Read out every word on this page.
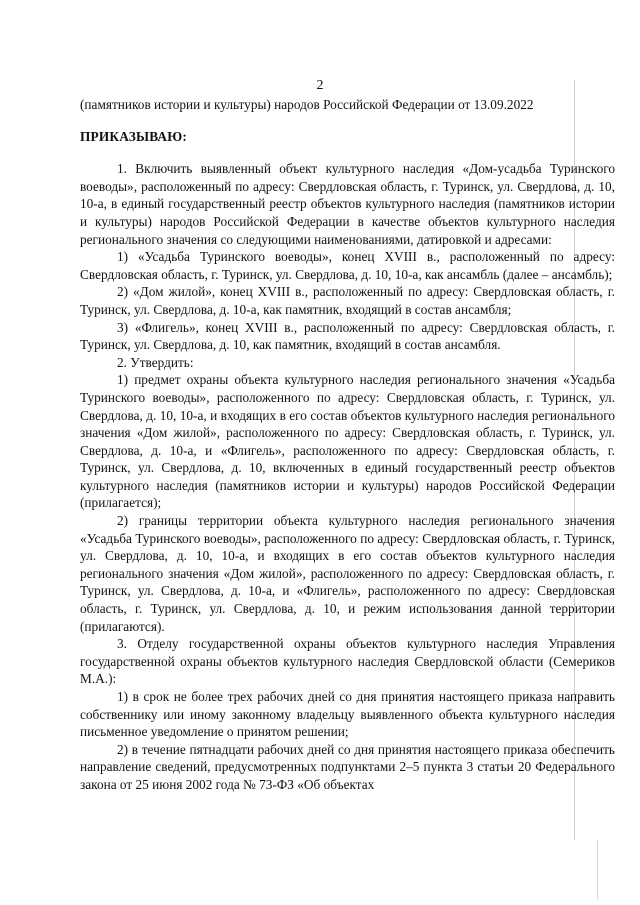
2

(памятников истории и культуры) народов Российской Федерации от 13.09.2022

ПРИКАЗЫВАЮ:

1. Включить выявленный объект культурного наследия «Дом-усадьба Туринского воеводы», расположенный по адресу: Свердловская область, г. Туринск, ул. Свердлова, д. 10, 10-а, в единый государственный реестр объектов культурного наследия (памятников истории и культуры) народов Российской Федерации в качестве объектов культурного наследия регионального значения со следующими наименованиями, датировкой и адресами:

1) «Усадьба Туринского воеводы», конец XVIII в., расположенный по адресу: Свердловская область, г. Туринск, ул. Свердлова, д. 10, 10-а, как ансамбль (далее – ансамбль);

2) «Дом жилой», конец XVIII в., расположенный по адресу: Свердловская область, г. Туринск, ул. Свердлова, д. 10-а, как памятник, входящий в состав ансамбля;

3) «Флигель», конец XVIII в., расположенный по адресу: Свердловская область, г. Туринск, ул. Свердлова, д. 10, как памятник, входящий в состав ансамбля.

2. Утвердить:

1) предмет охраны объекта культурного наследия регионального значения «Усадьба Туринского воеводы», расположенного по адресу: Свердловская область, г. Туринск, ул. Свердлова, д. 10, 10-а, и входящих в его состав объектов культурного наследия регионального значения «Дом жилой», расположенного по адресу: Свердловская область, г. Туринск, ул. Свердлова, д. 10-а, и «Флигель», расположенного по адресу: Свердловская область, г. Туринск, ул. Свердлова, д. 10, включенных в единый государственный реестр объектов культурного наследия (памятников истории и культуры) народов Российской Федерации (прилагается);

2) границы территории объекта культурного наследия регионального значения «Усадьба Туринского воеводы», расположенного по адресу: Свердловская область, г. Туринск, ул. Свердлова, д. 10, 10-а, и входящих в его состав объектов культурного наследия регионального значения «Дом жилой», расположенного по адресу: Свердловская область, г. Туринск, ул. Свердлова, д. 10-а, и «Флигель», расположенного по адресу: Свердловская область, г. Туринск, ул. Свердлова, д. 10, и режим использования данной территории (прилагаются).

3. Отделу государственной охраны объектов культурного наследия Управления государственной охраны объектов культурного наследия Свердловской области (Семериков М.А.):

1) в срок не более трех рабочих дней со дня принятия настоящего приказа направить собственнику или иному законному владельцу выявленного объекта культурного наследия письменное уведомление о принятом решении;

2) в течение пятнадцати рабочих дней со дня принятия настоящего приказа обеспечить направление сведений, предусмотренных подпунктами 2–5 пункта 3 статьи 20 Федерального закона от 25 июня 2002 года № 73-ФЗ «Об объектах
